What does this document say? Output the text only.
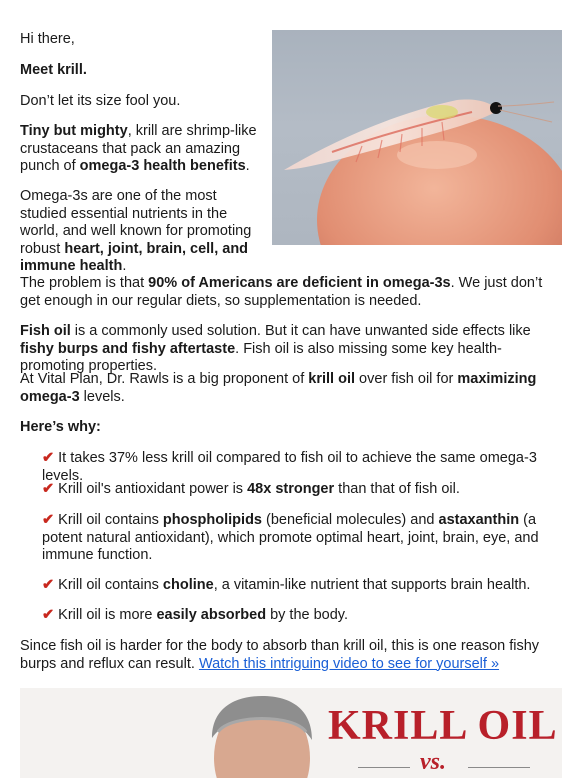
Hi there,

Meet krill.

Don’t let its size fool you.

Tiny but mighty, krill are shrimp-like crustaceans that pack an amazing punch of omega-3 health benefits.

Omega-3s are one of the most studied essential nutrients in the world, and well known for promoting robust heart, joint, brain, cell, and immune health.

The problem is that 90% of Americans are deficient in omega-3s. We just don’t get enough in our regular diets, so supplementation is needed.

Fish oil is a commonly used solution. But it can have unwanted side effects like fishy burps and fishy aftertaste. Fish oil is also missing some key health-promoting properties.

At Vital Plan, Dr. Rawls is a big proponent of krill oil over fish oil for maximizing omega-3 levels.

Here’s why:

✔ It takes 37% less krill oil compared to fish oil to achieve the same omega-3 levels.

✔ Krill oil's antioxidant power is 48x stronger than that of fish oil.

✔ Krill oil contains phospholipids (beneficial molecules) and astaxanthin (a potent natural antioxidant), which promote optimal heart, joint, brain, eye, and immune function.

✔ Krill oil contains choline, a vitamin-like nutrient that supports brain health.

✔ Krill oil is more easily absorbed by the body.

Since fish oil is harder for the body to absorb than krill oil, this is one reason fishy burps and reflux can result. Watch this intriguing video to see for yourself »

KRILL OIL
vs.
